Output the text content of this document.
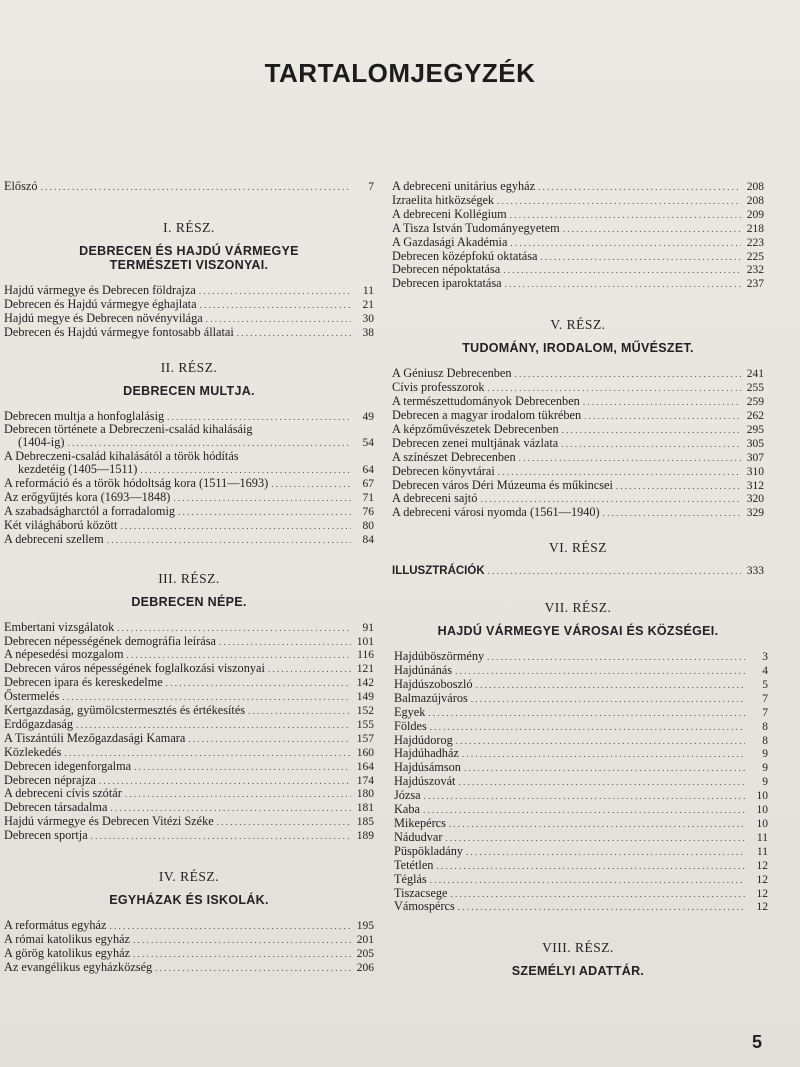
TARTALOMJEGYZÉK
Előszó . . .	7
I. RÉSZ.
DEBRECEN ÉS HAJDÚ VÁRMEGYE
TERMÉSZETI VISZONYAI.
Hajdú vármegye és Debrecen földrajza . . .	11
Debrecen és Hajdú vármegye éghajlata . . .	21
Hajdú megye és Debrecen növényvilága . . .	30
Debrecen és Hajdú vármegye fontosabb állatai . . .	38
II. RÉSZ.
DEBRECEN MULTJA.
Debrecen multja a honfoglalásig . . .	49
Debrecen története a Debreczeni-család kihalásáig
(1404-ig) . . .	54
A Debreczeni-család kihalásától a török hódítás
kezdetéig (1405—1511) . . .	64
A reformáció és a török hódoltság kora (1511—1693) . . .	67
Az erőgyűjtés kora (1693—1848) . . .	71
A szabadságharctól a forradalomig . . .	76
Két világháború között . . .	80
A debreceni szellem . . .	84
III. RÉSZ.
DEBRECEN NÉPE.
Embertani vizsgálatok . . .	91
Debrecen népességének demográfia leírása . . .	101
A népesedési mozgalom . . .	116
Debrecen város népességének foglalkozási viszonyai . . .	121
Debrecen ipara és kereskedelme . . .	142
Őstermelés . . .	149
Kertgazdaság, gyümölcstermesztés és értékesítés . . .	152
Erdőgazdaság . . .	155
A Tiszántúli Mezőgazdasági Kamara . . .	157
Közlekedés . . .	160
Debrecen idegenforgalma . . .	164
Debrecen néprajza . . .	174
A debreceni cívis szótár . . .	180
Debrecen társadalma . . .	181
Hajdú vármegye és Debrecen Vitézi Széke . . .	185
Debrecen sportja . . .	189
IV. RÉSZ.
EGYHÁZAK ÉS ISKOLÁK.
A református egyház . . .	195
A római katolikus egyház . . .	201
A görög katolikus egyház . . .	205
Az evangélikus egyházközség . . .	206
A debreceni unitárius egyház . . .	208
Izraelita hitközségek . . .	208
A debreceni Kollégium . . .	209
A Tisza István Tudományegyetem . . .	218
A Gazdasági Akadémia . . .	223
Debrecen középfokú oktatása . . .	225
Debrecen népoktatása . . .	232
Debrecen iparoktatása . . .	237
V. RÉSZ.
TUDOMÁNY, IRODALOM, MŰVÉSZET.
A Géniusz Debrecenben . . .	241
Cívis professzorok . . .	255
A természettudományok Debrecenben . . .	259
Debrecen a magyar irodalom tükrében . . .	262
A képzőművészetek Debrecenben . . .	295
Debrecen zenei multjának vázlata . . .	305
A színészet Debrecenben . . .	307
Debrecen könyvtárai . . .	310
Debrecen város Déri Múzeuma és műkincsei . . .	312
A debreceni sajtó . . .	320
A debreceni városi nyomda (1561—1940) . . .	329
VI. RÉSZ
ILLUSZTRÁCIÓK . . .	333
VII. RÉSZ.
HAJDÚ VÁRMEGYE VÁROSAI ÉS KÖZSÉGEI.
Hajdúböszörmény . . .	3
Hajdúnánás . . .	4
Hajdúszoboszló . . .	5
Balmazújváros . . .	7
Egyek . . .	7
Földes . . .	8
Hajdúdorog . . .	8
Hajdúhadház . . .	9
Hajdúsámson . . .	9
Hajdúszovát . . .	9
Józsa . . .	10
Kaba . . .	10
Mikepércs . . .	10
Nádudvar . . .	11
Püspökladány . . .	11
Tetétlen . . .	12
Téglás . . .	12
Tiszacsege . . .	12
Vámospércs . . .	12
VIII. RÉSZ.
SZEMÉLYI ADATTÁR.
5
